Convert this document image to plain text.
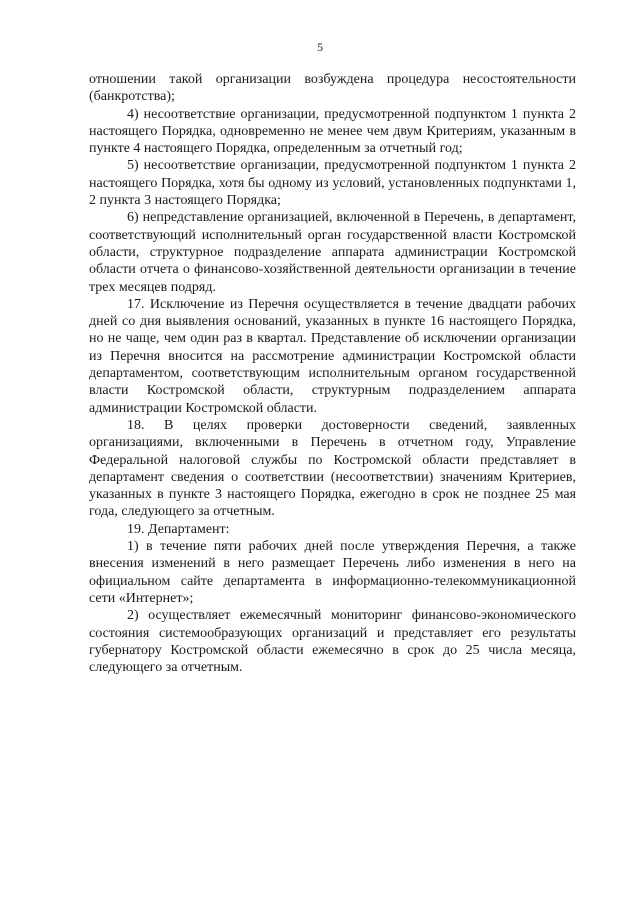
5

отношении такой организации возбуждена процедура несостоятельности (банкротства);

4) несоответствие организации, предусмотренной подпунктом 1 пункта 2 настоящего Порядка, одновременно не менее чем двум Критериям, указанным в пункте 4 настоящего Порядка, определенным за отчетный год;

5) несоответствие организации, предусмотренной подпунктом 1 пункта 2 настоящего Порядка, хотя бы одному из условий, установленных подпунктами 1, 2 пункта 3 настоящего Порядка;

6) непредставление организацией, включенной в Перечень, в департамент, соответствующий исполнительный орган государственной власти Костромской области, структурное подразделение аппарата администрации Костромской области отчета о финансово-хозяйственной деятельности организации в течение трех месяцев подряд.

17. Исключение из Перечня осуществляется в течение двадцати рабочих дней со дня выявления оснований, указанных в пункте 16 настоящего Порядка, но не чаще, чем один раз в квартал. Представление об исключении организации из Перечня вносится на рассмотрение администрации Костромской области департаментом, соответствующим исполнительным органом государственной власти Костромской области, структурным подразделением аппарата администрации Костромской области.

18. В целях проверки достоверности сведений, заявленных организациями, включенными в Перечень в отчетном году, Управление Федеральной налоговой службы по Костромской области представляет в департамент сведения о соответствии (несоответствии) значениям Критериев, указанных в пункте 3 настоящего Порядка, ежегодно в срок не позднее 25 мая года, следующего за отчетным.

19. Департамент:

1) в течение пяти рабочих дней после утверждения Перечня, а также внесения изменений в него размещает Перечень либо изменения в него на официальном сайте департамента в информационно-телекоммуникационной сети «Интернет»;

2) осуществляет ежемесячный мониторинг финансово-экономического состояния системообразующих организаций и представляет его результаты губернатору Костромской области ежемесячно в срок до 25 числа месяца, следующего за отчетным.
